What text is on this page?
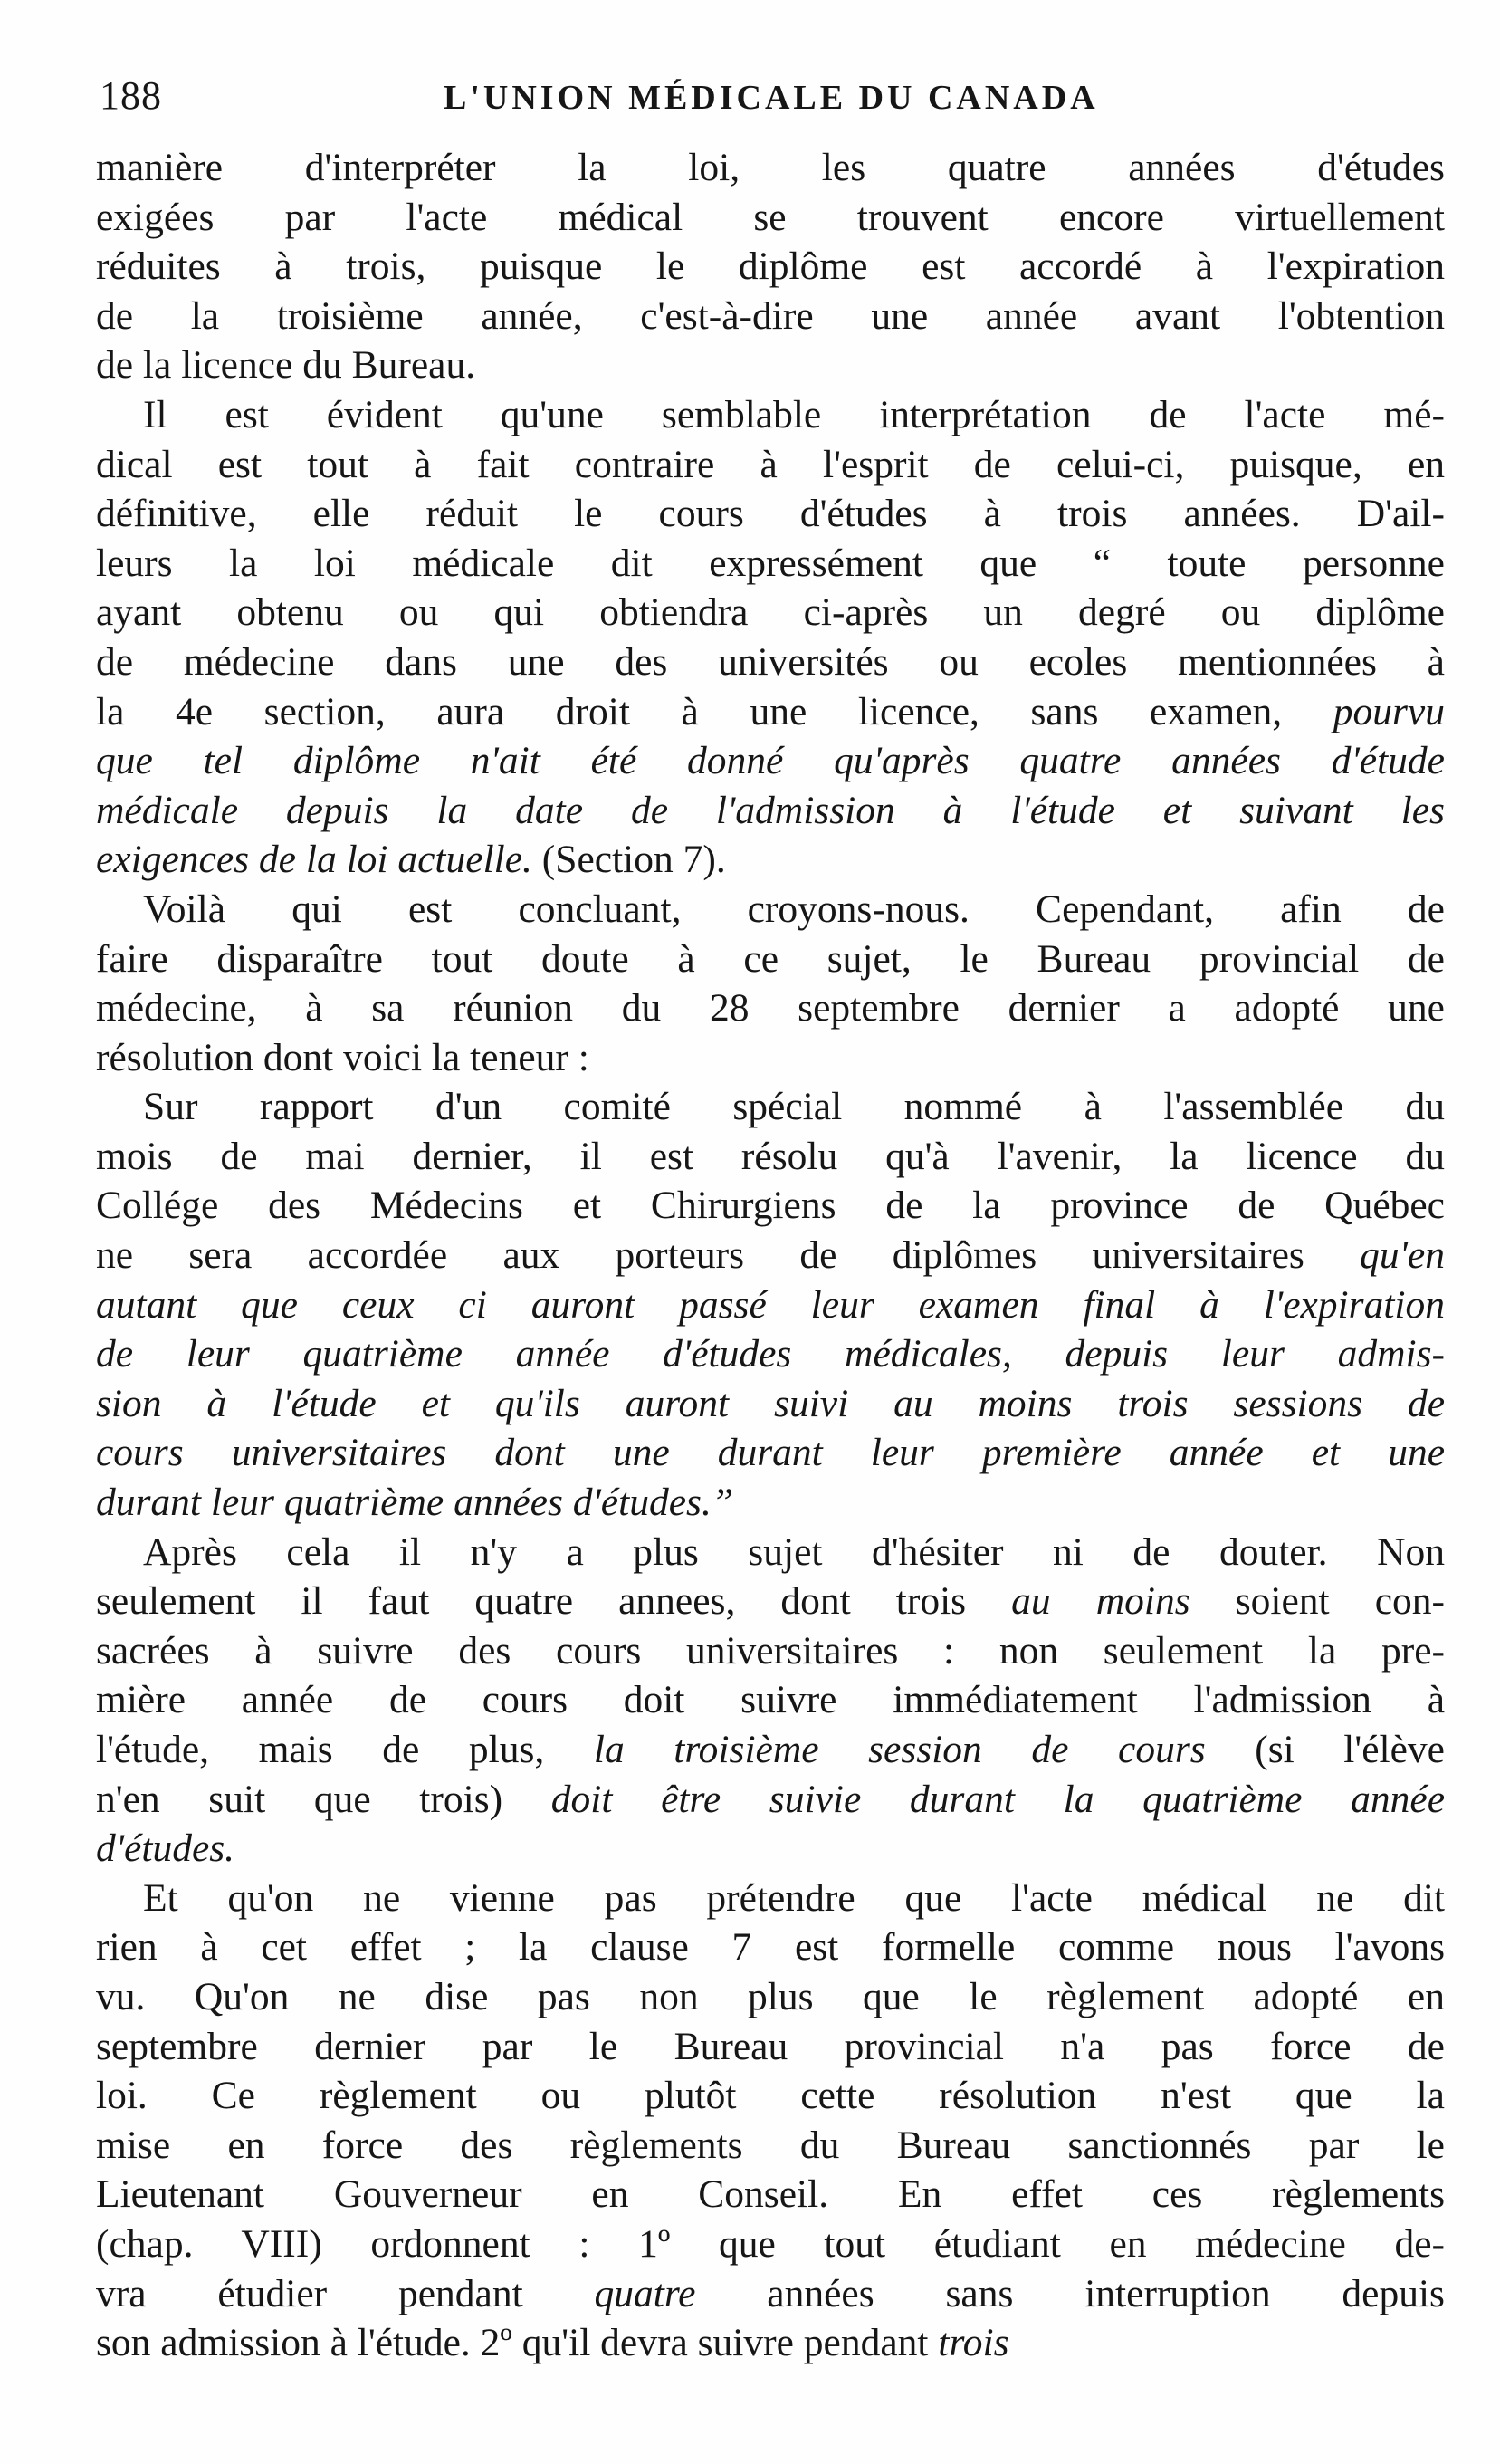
188	L'UNION MÉDICALE DU CANADA
manière d'interpréter la loi, les quatre années d'études
exigées par l'acte médical se trouvent encore virtuellement
réduites à trois, puisque le diplôme est accordé à l'expiration
de la troisième année, c'est-à-dire une année avant l'obtention
de la licence du Bureau.
Il est évident qu'une semblable interprétation de l'acte mé-
dical est tout à fait contraire à l'esprit de celui-ci, puisque, en
définitive, elle réduit le cours d'études à trois années. D'ail-
leurs la loi médicale dit expressément que “ toute personne
ayant obtenu ou qui obtiendra ci-après un degré ou diplôme
de médecine dans une des universités ou ecoles mentionnées à
la 4e section, aura droit à une licence, sans examen, pourvu
que tel diplôme n'ait été donné qu'après quatre années d'étude
médicale depuis la date de l'admission à l'étude et suivant les
exigences de la loi actuelle. (Section 7).
Voilà qui est concluant, croyons-nous. Cependant, afin de
faire disparaître tout doute à ce sujet, le Bureau provincial de
médecine, à sa réunion du 28 septembre dernier a adopté une
résolution dont voici la teneur :
Sur rapport d'un comité spécial nommé à l'assemblée du
mois de mai dernier, il est résolu qu'à l'avenir, la licence du
Collége des Médecins et Chirurgiens de la province de Québec
ne sera accordée aux porteurs de diplômes universitaires qu'en
autant que ceux ci auront passé leur examen final à l'expiration
de leur quatrième année d'études médicales, depuis leur admis-
sion à l'étude et qu'ils auront suivi au moins trois sessions de
cours universitaires dont une durant leur première année et une
durant leur quatrième années d'études.”
Après cela il n'y a plus sujet d'hésiter ni de douter. Non
seulement il faut quatre annees, dont trois au moins soient con-
sacrées à suivre des cours universitaires : non seulement la pre-
mière année de cours doit suivre immédiatement l'admission à
l'étude, mais de plus, la troisième session de cours (si l'élève
n'en suit que trois) doit être suivie durant la quatrième année
d'études.
Et qu'on ne vienne pas prétendre que l'acte médical ne dit
rien à cet effet ; la clause 7 est formelle comme nous l'avons
vu. Qu'on ne dise pas non plus que le règlement adopté en
septembre dernier par le Bureau provincial n'a pas force de
loi. Ce règlement ou plutôt cette résolution n'est que la
mise en force des règlements du Bureau sanctionnés par le
Lieutenant Gouverneur en Conseil. En effet ces règlements
(chap. VIII) ordonnent : 1º que tout étudiant en médecine de-
vra étudier pendant quatre années sans interruption depuis
son admission à l'étude. 2º qu'il devra suivre pendant trois
